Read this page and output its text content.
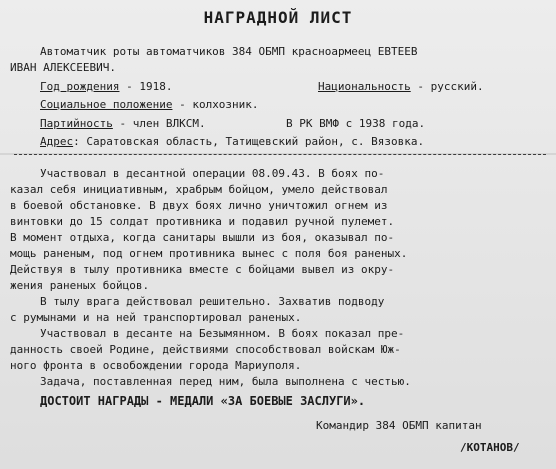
НАГРАДНОЙ ЛИСТ
Автоматчик роты автоматчиков 384 ОБМП красноармеец ЕВТЕЕВ
ИВАН АЛЕКСЕЕВИЧ.
Год рождения - 1918.	Национальность - русский.
Социальное положение - колхозник.
Партийность - член ВЛКСМ.	В РК ВМФ с 1938 года.
Адрес: Саратовская область, Татищевский район, с. Вязовка.
Участвовал в десантной операции 08.09.43. В боях по-
казал себя инициативным, храбрым бойцом, умело действовал
в боевой обстановке. В двух боях лично уничтожил огнем из
винтовки до 15 солдат противника и подавил ручной пулемет.
В момент отдыха, когда санитары вышли из боя, оказывал по-
мощь раненым, под огнем противника вынес с поля боя раненых.
Действуя в тылу противника вместе с бойцами вывел из окру-
жения раненых бойцов.
В тылу врага действовал решительно. Захватив подводу
с румынами и на ней транспортировал раненых.
Участвовал в десанте на Безымянном. В боях показал пре-
данность своей Родине, действиями способствовал войскам Юж-
ного фронта в освобождении города Мариуполя.
Задача, поставленная перед ним, была выполнена с честью.
ДОСТОИТ НАГРАДЫ - МЕДАЛИ «ЗА БОЕВЫЕ ЗАСЛУГИ».
Командир 384 ОБМП капитан
/КОТАНОВ/
